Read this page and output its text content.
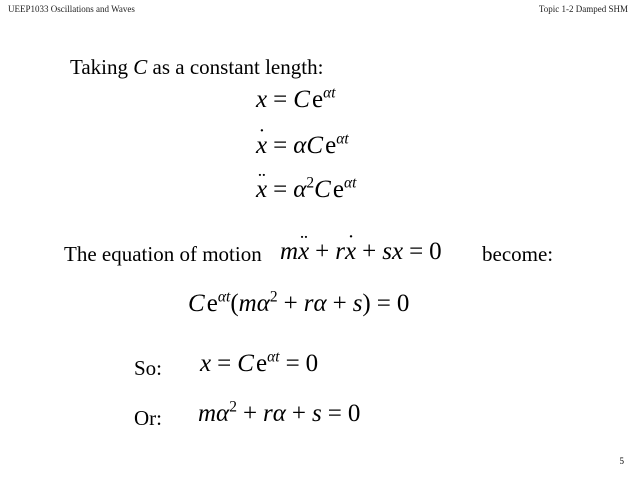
UEEP1033 Oscillations and Waves	Topic 1-2 Damped SHM
Taking C as a constant length:
x = C $e^{\alpha t}$
˙ x = αC $e^{\alpha t}$
¨ $x = \alpha^2C$ $e^{\alpha t}$
The equation of motion m¨ x + r˙ x + sx = 0 become:
C $e^{\alpha t}(m\alpha^2 + r\alpha + s) = 0$
So: x = C $e^{\alpha t} = 0$
Or: $m\alpha^2 + r\alpha + s = 0$
5
